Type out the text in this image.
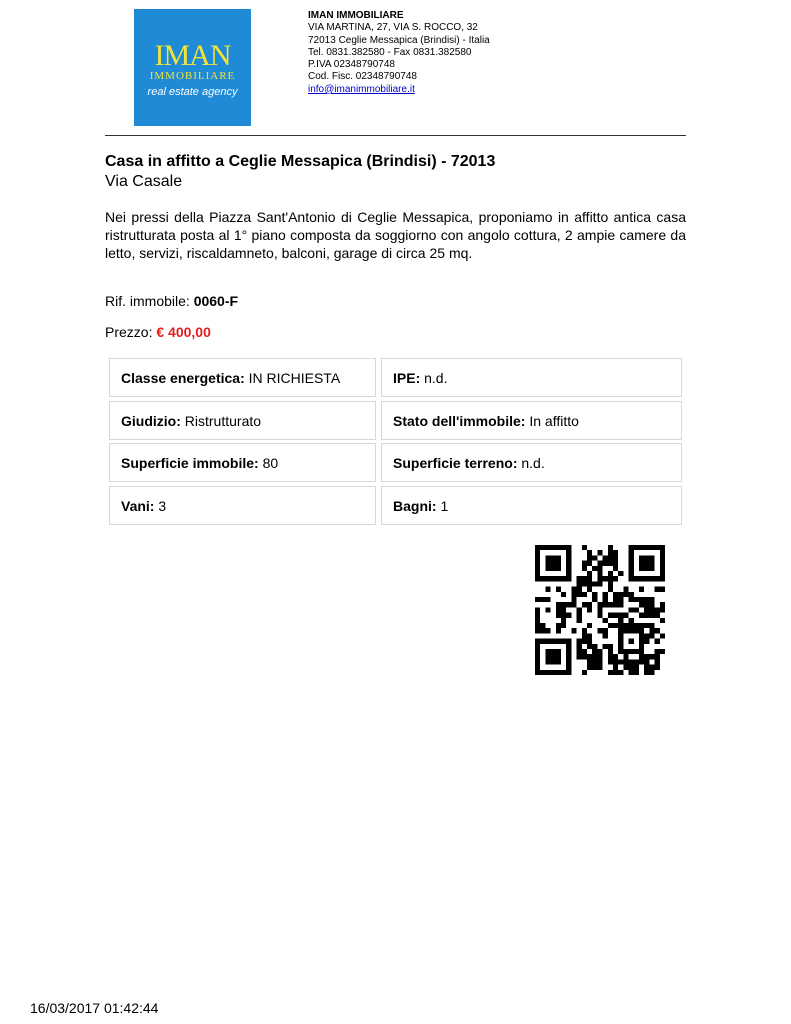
IMAN
IMMOBILIARE
real estate agency
IMAN IMMOBILIARE
VIA MARTINA, 27, VIA S. ROCCO, 32
72013 Ceglie Messapica (Brindisi) - Italia
Tel. 0831.382580 - Fax 0831.382580
P.IVA 02348790748
Cod. Fisc. 02348790748
info@imanimmobiliare.it
Casa in affitto a Ceglie Messapica (Brindisi) - 72013
Via Casale

Nei pressi della Piazza Sant'Antonio di Ceglie Messapica, proponiamo in affitto antica casa ristrutturata posta al 1° piano composta da soggiorno con angolo cottura, 2 ampie camere da letto, servizi, riscaldamneto, balconi, garage di circa 25 mq.

Rif. immobile: 0060-F
Prezzo: € 400,00
Classe energetica: IN RICHIESTA	IPE: n.d.
Giudizio: Ristrutturato	Stato dell'immobile: In affitto
Superficie immobile: 80	Superficie terreno: n.d.
Vani: 3	Bagni: 1
16/03/2017 01:42:44
